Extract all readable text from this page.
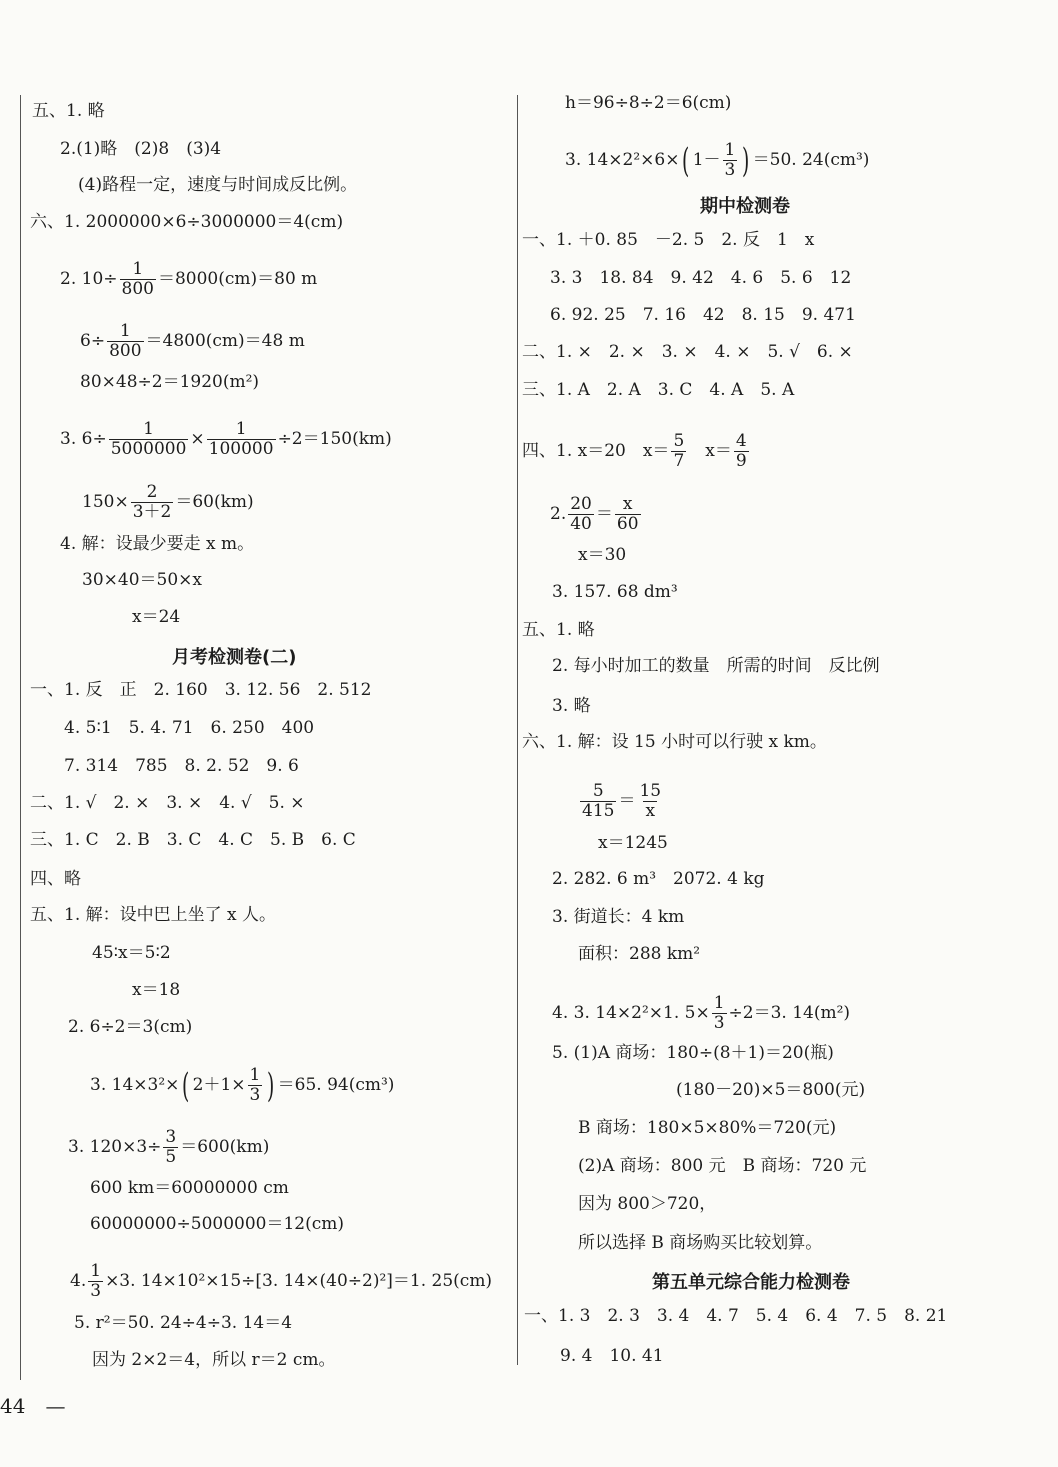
五、1. 略
2.(1)略　(2)8　(3)4
(4)路程一定，速度与时间成反比例。
六、1. 2000000×6÷3000000＝4(cm)
2. $10\div \frac{1}{800} =8000(cm)=80$ m
$6\div \frac{1}{800} =4800(cm)=48$ m
80×48÷2＝1920(m²)
3. $6\div \frac{1}{5000000} \times \frac{1}{100000} \div 2=150(km)$
$150\times \frac{2}{3+2} =60(km)$
4. 解：设最少要走 x m。
30×40＝50×x
x＝24
月考检测卷(二)
一、1. 反　正　2. 160　3. 12. 56　2. 512
4. 5∶1　5. 4. 71　6. 250　400
7. 314　785　8. 2. 52　9. 6
二、1. √　2. ×　3. ×　4. √　5. ×
三、1. C　2. B　3. C　4. C　5. B　6. C
四、略
五、1. 解：设中巴上坐了 x 人。
45∶x＝5∶2
x＝18
2. 6÷2＝3(cm)
3. 14×3²×( $2+1\times \frac{1}{3}$ ) ＝65. 94(cm³)
3. $120\times 3\div \frac{3}{5} =600(km)$
600 km＝60000000 cm
60000000÷5000000＝12(cm)
4. $\frac{1}{3} \times 3$. 14×10²×15÷[3. 14×(40÷2)²]＝1. 25(cm)
5. r²＝50. 24÷4÷3. 14＝4
因为 2×2＝4，所以 r＝2 cm。
44　—
h＝96÷8÷2＝6(cm)
3. 14×2²×6×( $1- \frac{1}{3}$ ) ＝50. 24(cm³)
期中检测卷
一、1. ＋0. 85　－2. 5　2. 反　1　x
3. 3　18. 84　9. 42　4. 6　5. 6　12
6. 92. 25　7. 16　42　8. 15　9. 471
二、1. ×　2. ×　3. ×　4. ×　5. √　6. ×
三、1. A　2. A　3. C　4. A　5. A
四、1. x＝20　$x= \frac{5}{7}$ 　$x= \frac{4}{9}$
2. $\frac{20}{40} = \frac{x}{60}$
x＝30
3. 157. 68 dm³
五、1. 略
2. 每小时加工的数量　所需的时间　反比例
3. 略
六、1. 解：设 15 小时可以行驶 x km。
$\frac{5}{415} = \frac{15}{x}$
x＝1245
2. 282. 6 m³　2072. 4 kg
3. 街道长：4 km
面积：288 km²
4. 3. 14×2²×1. $5\times \frac{1}{3} \div 2=3$. 14(m²)
5. (1)A 商场：180÷(8＋1)＝20(瓶)
(180－20)×5＝800(元)
B 商场：180×5×80%＝720(元)
(2)A 商场：800 元　B 商场：720 元
因为 800＞720，
所以选择 B 商场购买比较划算。
第五单元综合能力检测卷
一、1. 3　2. 3　3. 4　4. 7　5. 4　6. 4　7. 5　8. 21
9. 4　10. 41
